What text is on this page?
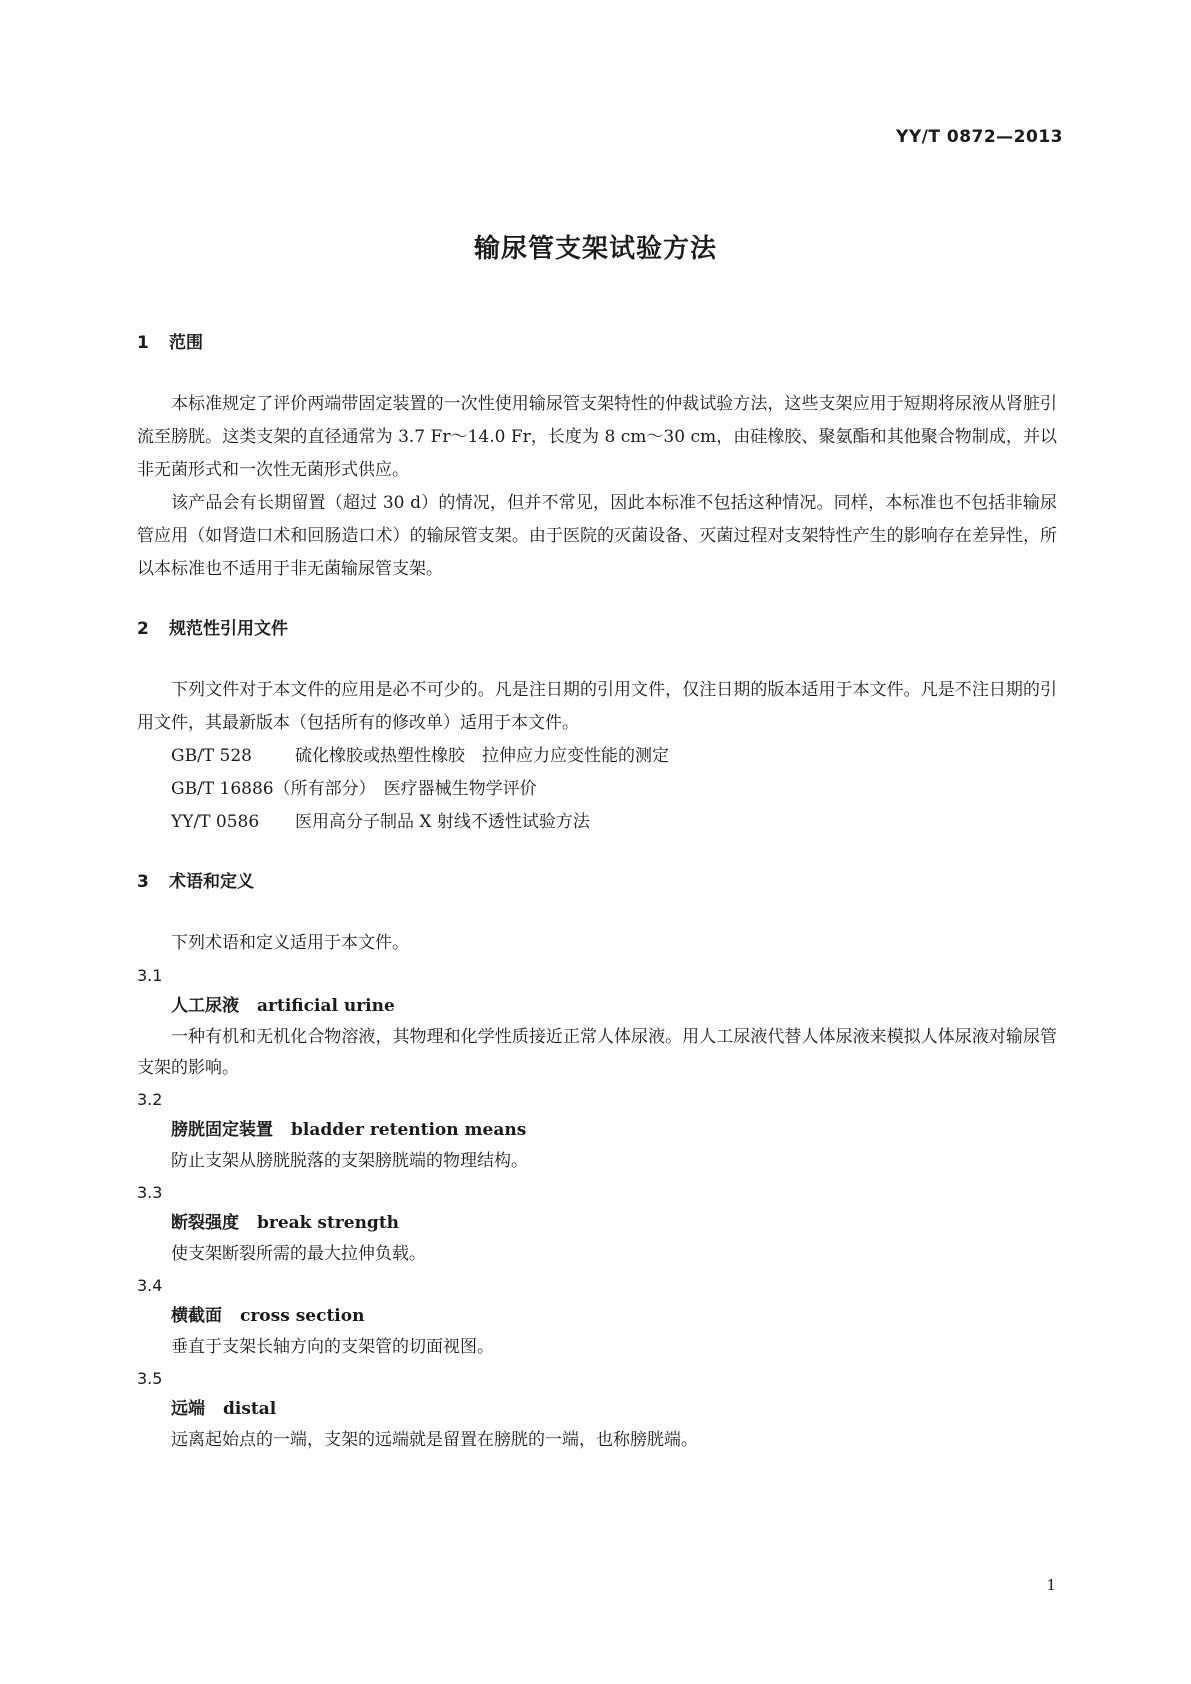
YY/T 0872—2013
输尿管支架试验方法
1 范围

本标准规定了评价两端带固定装置的一次性使用输尿管支架特性的仲裁试验方法，这些支架应用于短期将尿液从肾脏引流至膀胱。这类支架的直径通常为 3.7 Fr～14.0 Fr，长度为 8 cm～30 cm，由硅橡胶、聚氨酯和其他聚合物制成，并以非无菌形式和一次性无菌形式供应。

该产品会有长期留置（超过 30 d）的情况，但并不常见，因此本标准不包括这种情况。同样，本标准也不包括非输尿管应用（如肾造口术和回肠造口术）的输尿管支架。由于医院的灭菌设备、灭菌过程对支架特性产生的影响存在差异性，所以本标准也不适用于非无菌输尿管支架。

2 规范性引用文件

下列文件对于本文件的应用是必不可少的。凡是注日期的引用文件，仅注日期的版本适用于本文件。凡是不注日期的引用文件，其最新版本（包括所有的修改单）适用于本文件。

GB/T 528	硫化橡胶或热塑性橡胶　拉伸应力应变性能的测定

GB/T 16886（所有部分） 医疗器械生物学评价

YY/T 0586 医用高分子制品 X 射线不透性试验方法

3 术语和定义

下列术语和定义适用于本文件。

3.1

人工尿液 artificial urine

一种有机和无机化合物溶液，其物理和化学性质接近正常人体尿液。用人工尿液代替人体尿液来模拟人体尿液对输尿管支架的影响。

3.2

膀胱固定装置 bladder retention means

防止支架从膀胱脱落的支架膀胱端的物理结构。

3.3

断裂强度 break strength

使支架断裂所需的最大拉伸负载。

3.4

横截面 cross section

垂直于支架长轴方向的支架管的切面视图。

3.5

远端 distal

远离起始点的一端，支架的远端就是留置在膀胱的一端，也称膀胱端。

1
